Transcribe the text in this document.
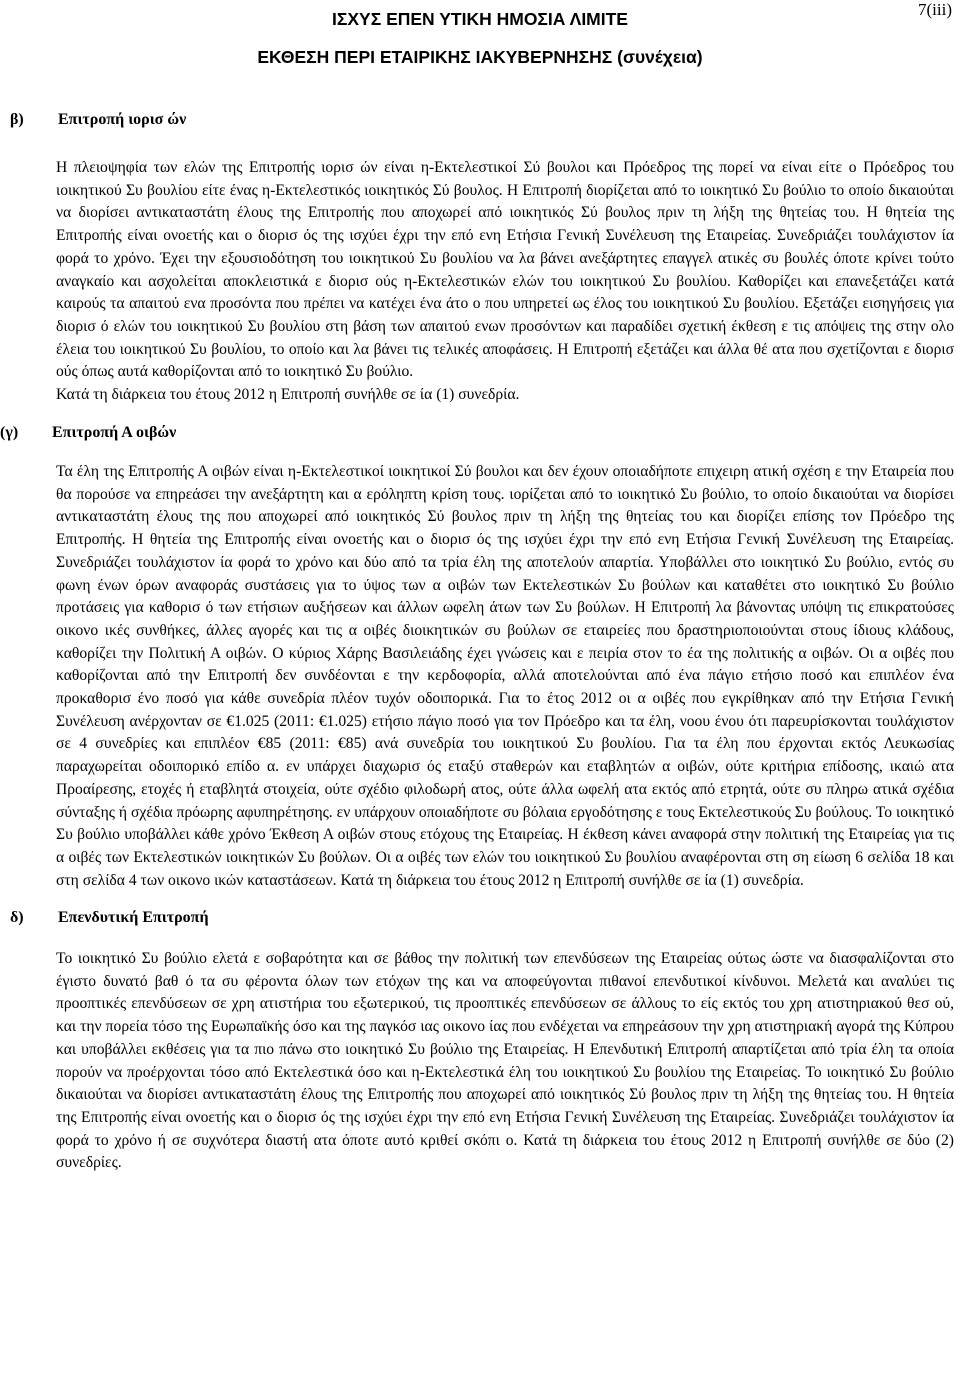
ΙΣΧΥΣ ΕΠΕΝ ΥΤΙΚΗ ΗΜΟΣΙΑ ΛΙΜΙΤΕ
ΕΚΘΕΣΗ ΠΕΡΙ ΕΤΑΙΡΙΚΗΣ ΙΑΚΥΒΕΡΝΗΣΗΣ (συνέχεια)
7(iii)
β) Επιτροπή ιορισ ών
Η πλειοψηφία των ελών της Επιτροπής ιορισ ών είναι η-Εκτελεστικοί Σύ βουλοι και Πρόεδρος της πορεί να είναι είτε ο Πρόεδρος του ιοικητικού Συ βουλίου είτε ένας η-Εκτελεστικός ιοικητικός Σύ βουλος. Η Επιτροπή διορίζεται από το ιοικητικό Συ βούλιο το οποίο δικαιούται να διορίσει αντικαταστάτη έλους της Επιτροπής που αποχωρεί από ιοικητικός Σύ βουλος πριν τη λήξη της θητείας του. Η θητεία της Επιτροπής είναι ονοετής και ο διορισ ός της ισχύει έχρι την επό ενη Ετήσια Γενική Συνέλευση της Εταιρείας. Συνεδριάζει τουλάχιστον ία φορά το χρόνο. Έχει την εξουσιοδότηση του ιοικητικού Συ βουλίου να λα βάνει ανεξάρτητες επαγγελ ατικές συ βουλές όποτε κρίνει τούτο αναγκαίο και ασχολείται αποκλειστικά ε διορισ ούς η-Εκτελεστικών ελών του ιοικητικού Συ βουλίου. Καθορίζει και επανεξετάζει κατά καιρούς τα απαιτού ενα προσόντα που πρέπει να κατέχει ένα άτο ο που υπηρετεί ως έλος του ιοικητικού Συ βουλίου. Εξετάζει εισηγήσεις για διορισ ό ελών του ιοικητικού Συ βουλίου στη βάση των απαιτού ενων προσόντων και παραδίδει σχετική έκθεση ε τις απόψεις της στην ολο έλεια του ιοικητικού Συ βουλίου, το οποίο και λα βάνει τις τελικές αποφάσεις. Η Επιτροπή εξετάζει και άλλα θέ ατα που σχετίζονται ε διορισ ούς όπως αυτά καθορίζονται από το ιοικητικό Συ βούλιο.
Κατά τη διάρκεια του έτους 2012 η Επιτροπή συνήλθε σε ία (1) συνεδρία.
(γ) Επιτροπή Α οιβών
Τα έλη της Επιτροπής Α οιβών είναι η-Εκτελεστικοί ιοικητικοί Σύ βουλοι και δεν έχουν οποιαδήποτε επιχειρη ατική σχέση ε την Εταιρεία που θα πορούσε να επηρεάσει την ανεξάρτητη και α ερόληπτη κρίση τους. ιορίζεται από το ιοικητικό Συ βούλιο, το οποίο δικαιούται να διορίσει αντικαταστάτη έλους της που αποχωρεί από ιοικητικός Σύ βουλος πριν τη λήξη της θητείας του και διορίζει επίσης τον Πρόεδρο της Επιτροπής. Η θητεία της Επιτροπής είναι ονοετής και ο διορισ ός της ισχύει έχρι την επό ενη Ετήσια Γενική Συνέλευση της Εταιρείας. Συνεδριάζει τουλάχιστον ία φορά το χρόνο και δύο από τα τρία έλη της αποτελούν απαρτία. Υποβάλλει στο ιοικητικό Συ βούλιο, εντός συ φωνη ένων όρων αναφοράς συστάσεις για το ύψος των α οιβών των Εκτελεστικών Συ βούλων και καταθέτει στο ιοικητικό Συ βούλιο προτάσεις για καθορισ ό των ετήσιων αυξήσεων και άλλων ωφελη άτων των Συ βούλων. Η Επιτροπή λα βάνοντας υπόψη τις επικρατούσες οικονο ικές συνθήκες, άλλες αγορές και τις α οιβές διοικητικών συ βούλων σε εταιρείες που δραστηριοποιούνται στους ίδιους κλάδους, καθορίζει την Πολιτική Α οιβών. Ο κύριος Χάρης Βασιλειάδης έχει γνώσεις και ε πειρία στον το έα της πολιτικής α οιβών. Οι α οιβές που καθορίζονται από την Επιτροπή δεν συνδέονται ε την κερδοφορία, αλλά αποτελούνται από ένα πάγιο ετήσιο ποσό και επιπλέον ένα προκαθορισ ένο ποσό για κάθε συνεδρία πλέον τυχόν οδοιπορικά. Για το έτος 2012 οι α οιβές που εγκρίθηκαν από την Ετήσια Γενική Συνέλευση ανέρχονταν σε €1.025 (2011: €1.025) ετήσιο πάγιο ποσό για τον Πρόεδρο και τα έλη, νοου ένου ότι παρευρίσκονται τουλάχιστον σε 4 συνεδρίες και επιπλέον €85 (2011: €85) ανά συνεδρία του ιοικητικού Συ βουλίου. Για τα έλη που έρχονται εκτός Λευκωσίας παραχωρείται οδοιπορικό επίδο α. εν υπάρχει διαχωρισ ός εταξύ σταθερών και εταβλητών α οιβών, ούτε κριτήρια επίδοσης, ικαιώ ατα Προαίρεσης, ετοχές ή εταβλητά στοιχεία, ούτε σχέδιο φιλοδωρή ατος, ούτε άλλα ωφελή ατα εκτός από ετρητά, ούτε συ πληρω ατικά σχέδια σύνταξης ή σχέδια πρόωρης αφυπηρέτησης. εν υπάρχουν οποιαδήποτε συ βόλαια εργοδότησης ε τους Εκτελεστικούς Συ βούλους. Το ιοικητικό Συ βούλιο υποβάλλει κάθε χρόνο Έκθεση Α οιβών στους ετόχους της Εταιρείας. Η έκθεση κάνει αναφορά στην πολιτική της Εταιρείας για τις α οιβές των Εκτελεστικών ιοικητικών Συ βούλων. Οι α οιβές των ελών του ιοικητικού Συ βουλίου αναφέρονται στη ση είωση 6 σελίδα 18 και στη σελίδα 4 των οικονο ικών καταστάσεων. Κατά τη διάρκεια του έτους 2012 η Επιτροπή συνήλθε σε ία (1) συνεδρία.
δ) Επενδυτική Επιτροπή
Το ιοικητικό Συ βούλιο ελετά ε σοβαρότητα και σε βάθος την πολιτική των επενδύσεων της Εταιρείας ούτως ώστε να διασφαλίζονται στο έγιστο δυνατό βαθ ό τα συ φέροντα όλων των ετόχων της και να αποφεύγονται πιθανοί επενδυτικοί κίνδυνοι. Μελετά και αναλύει τις προοπτικές επενδύσεων σε χρη ατιστήρια του εξωτερικού, τις προοπτικές επενδύσεων σε άλλους το είς εκτός του χρη ατιστηριακού θεσ ού, και την πορεία τόσο της Ευρωπαϊκής όσο και της παγκόσ ιας οικονο ίας που ενδέχεται να επηρεάσουν την χρη ατιστηριακή αγορά της Κύπρου και υποβάλλει εκθέσεις για τα πιο πάνω στο ιοικητικό Συ βούλιο της Εταιρείας. Η Επενδυτική Επιτροπή απαρτίζεται από τρία έλη τα οποία πορούν να προέρχονται τόσο από Εκτελεστικά όσο και η-Εκτελεστικά έλη του ιοικητικού Συ βουλίου της Εταιρείας. Το ιοικητικό Συ βούλιο δικαιούται να διορίσει αντικαταστάτη έλους της Επιτροπής που αποχωρεί από ιοικητικός Σύ βουλος πριν τη λήξη της θητείας του. Η θητεία της Επιτροπής είναι ονοετής και ο διορισ ός της ισχύει έχρι την επό ενη Ετήσια Γενική Συνέλευση της Εταιρείας. Συνεδριάζει τουλάχιστον ία φορά το χρόνο ή σε συχνότερα διαστή ατα όποτε αυτό κριθεί σκόπι ο. Κατά τη διάρκεια του έτους 2012 η Επιτροπή συνήλθε σε δύο (2) συνεδρίες.
